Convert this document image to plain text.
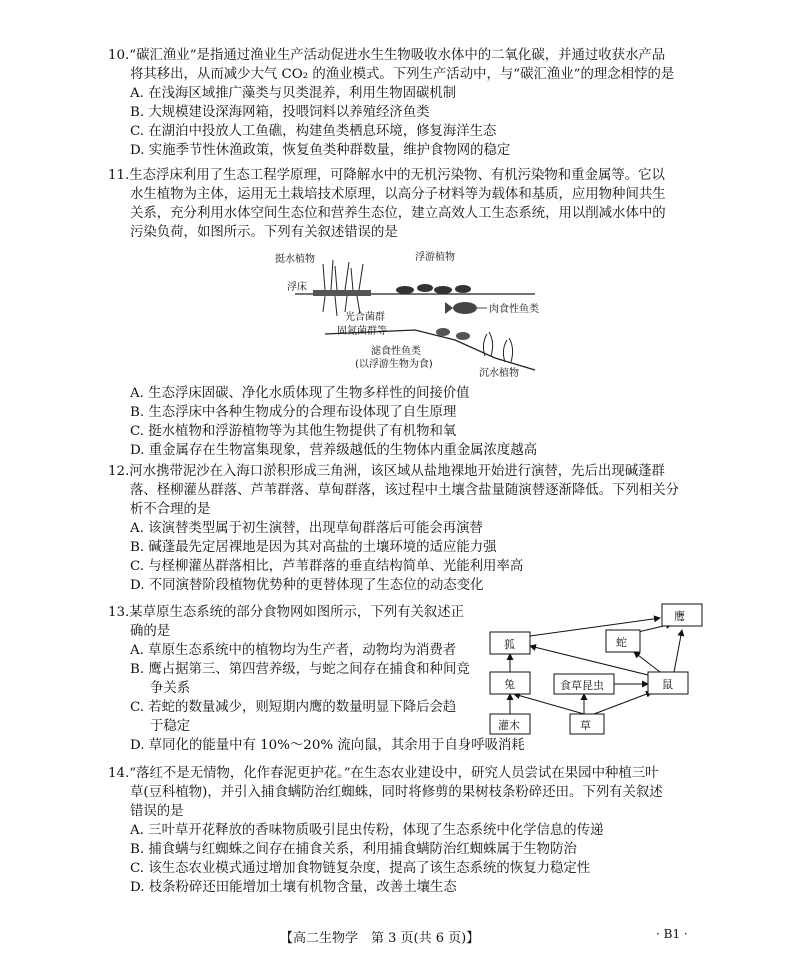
10.“碳汇渔业”是指通过渔业生产活动促进水生生物吸收水体中的二氧化碳，并通过收获水产品
将其移出，从而减少大气 CO₂ 的渔业模式。下列生产活动中，与“碳汇渔业”的理念相悖的是
A. 在浅海区域推广藻类与贝类混养，利用生物固碳机制
B. 大规模建设深海网箱，投喂饲料以养殖经济鱼类
C. 在湖泊中投放人工鱼礁，构建鱼类栖息环境，修复海洋生态
D. 实施季节性休渔政策，恢复鱼类种群数量，维护食物网的稳定
11.生态浮床利用了生态工程学原理，可降解水中的无机污染物、有机污染物和重金属等。它以
水生植物为主体，运用无土栽培技术原理，以高分子材料等为载体和基质，应用物种间共生
关系，充分利用水体空间生态位和营养生态位，建立高效人工生态系统，用以削减水体中的
污染负荷，如图所示。下列有关叙述错误的是
挺水植物	浮游植物
浮床
光合菌群
固氮菌群等
肉食性鱼类
滤食性鱼类
(以浮游生物为食)
沉水植物
A. 生态浮床固碳、净化水质体现了生物多样性的间接价值
B. 生态浮床中各种生物成分的合理布设体现了自生原理
C. 挺水植物和浮游植物等为其他生物提供了有机物和氧
D. 重金属存在生物富集现象，营养级越低的生物体内重金属浓度越高
12.河水携带泥沙在入海口淤积形成三角洲，该区域从盐地裸地开始进行演替，先后出现碱蓬群
落、柽柳灌丛群落、芦苇群落、草甸群落，该过程中土壤含盐量随演替逐渐降低。下列相关分
析不合理的是
A. 该演替类型属于初生演替，出现草甸群落后可能会再演替
B. 碱蓬最先定居裸地是因为其对高盐的土壤环境的适应能力强
C. 与柽柳灌丛群落相比，芦苇群落的垂直结构简单、光能利用率高
D. 不同演替阶段植物优势种的更替体现了生态位的动态变化
13.某草原生态系统的部分食物网如图所示，下列有关叙述正
确的是
A. 草原生态系统中的植物均为生产者，动物均为消费者
B. 鹰占据第三、第四营养级，与蛇之间存在捕食和种间竞
争关系
C. 若蛇的数量减少，则短期内鹰的数量明显下降后会趋
于稳定
D. 草同化的能量中有 10%～20% 流向鼠，其余用于自身呼吸消耗
鹰
狐	蛇
兔	食草昆虫	鼠
灌木	草
14.“落红不是无情物，化作春泥更护花。”在生态农业建设中，研究人员尝试在果园中种植三叶
草(豆科植物)，并引入捕食螨防治红蜘蛛，同时将修剪的果树枝条粉碎还田。下列有关叙述
错误的是
A. 三叶草开花释放的香味物质吸引昆虫传粉，体现了生态系统中化学信息的传递
B. 捕食螨与红蜘蛛之间存在捕食关系，利用捕食螨防治红蜘蛛属于生物防治
C. 该生态农业模式通过增加食物链复杂度，提高了该生态系统的恢复力稳定性
D. 枝条粉碎还田能增加土壤有机物含量，改善土壤生态
【高二生物学　第 3 页(共 6 页)】	· B1 ·
